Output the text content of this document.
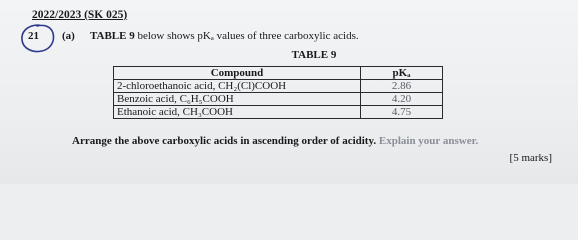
2022/2023 (SK 025)
21 (a) TABLE 9 below shows pKₐ values of three carboxylic acids.
TABLE 9
Compound	pKₐ
2-chloroethanoic acid, CH₂(Cl)COOH	2.86
Benzoic acid, C₆H₅COOH	4.20
Ethanoic acid, CH₃COOH	4.75
Arrange the above carboxylic acids in ascending order of acidity. Explain your answer.
[5 marks]
